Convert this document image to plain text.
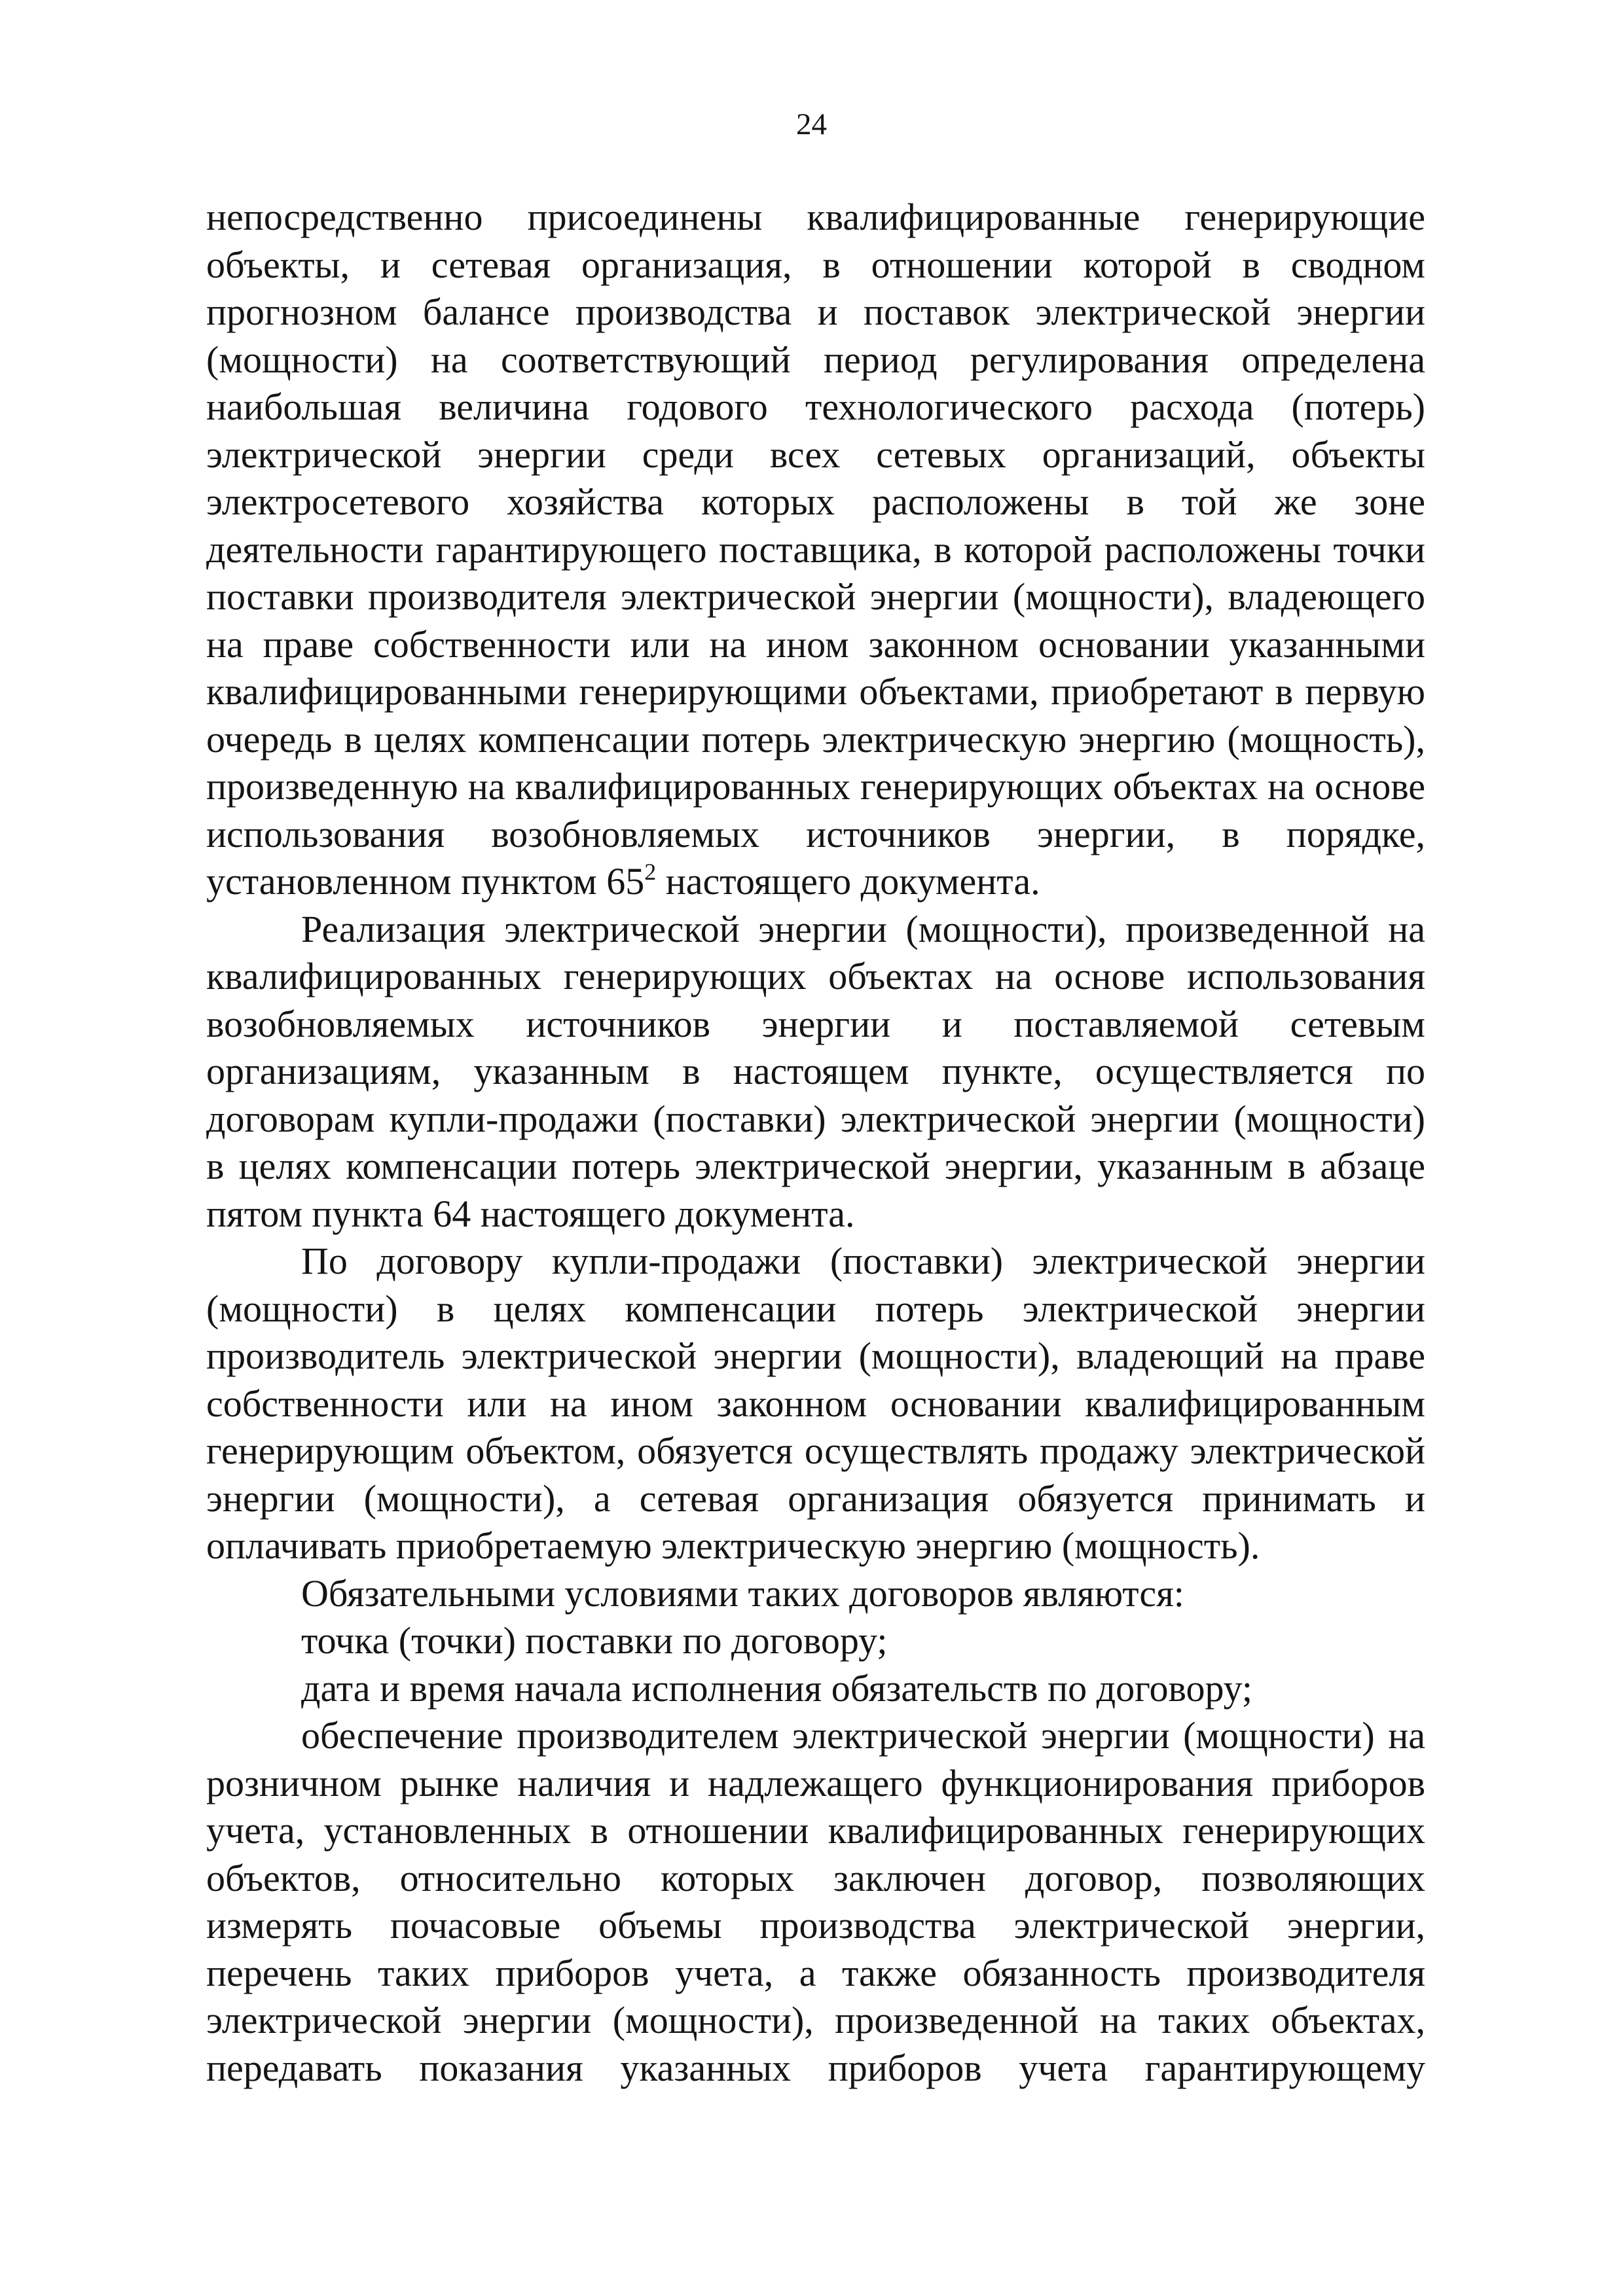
24

непосредственно присоединены квалифицированные генерирующие объекты, и сетевая организация, в отношении которой в сводном прогнозном балансе производства и поставок электрической энергии (мощности) на соответствующий период регулирования определена наибольшая величина годового технологического расхода (потерь) электрической энергии среди всех сетевых организаций, объекты электросетевого хозяйства которых расположены в той же зоне деятельности гарантирующего поставщика, в которой расположены точки поставки производителя электрической энергии (мощности), владеющего на праве собственности или на ином законном основании указанными квалифицированными генерирующими объектами, приобретают в первую очередь в целях компенсации потерь электрическую энергию (мощность), произведенную на квалифицированных генерирующих объектах на основе использования возобновляемых источников энергии, в порядке, установленном пунктом $65^2$ настоящего документа.

Реализация электрической энергии (мощности), произведенной на квалифицированных генерирующих объектах на основе использования возобновляемых источников энергии и поставляемой сетевым организациям, указанным в настоящем пункте, осуществляется по договорам купли-продажи (поставки) электрической энергии (мощности) в целях компенсации потерь электрической энергии, указанным в абзаце пятом пункта 64 настоящего документа.

По договору купли-продажи (поставки) электрической энергии (мощности) в целях компенсации потерь электрической энергии производитель электрической энергии (мощности), владеющий на праве собственности или на ином законном основании квалифицированным генерирующим объектом, обязуется осуществлять продажу электрической энергии (мощности), а сетевая организация обязуется принимать и оплачивать приобретаемую электрическую энергию (мощность).

Обязательными условиями таких договоров являются:

точка (точки) поставки по договору;

дата и время начала исполнения обязательств по договору;

обеспечение производителем электрической энергии (мощности) на розничном рынке наличия и надлежащего функционирования приборов учета, установленных в отношении квалифицированных генерирующих объектов, относительно которых заключен договор, позволяющих измерять почасовые объемы производства электрической энергии, перечень таких приборов учета, а также обязанность производителя электрической энергии (мощности), произведенной на таких объектах, передавать показания указанных приборов учета гарантирующему
